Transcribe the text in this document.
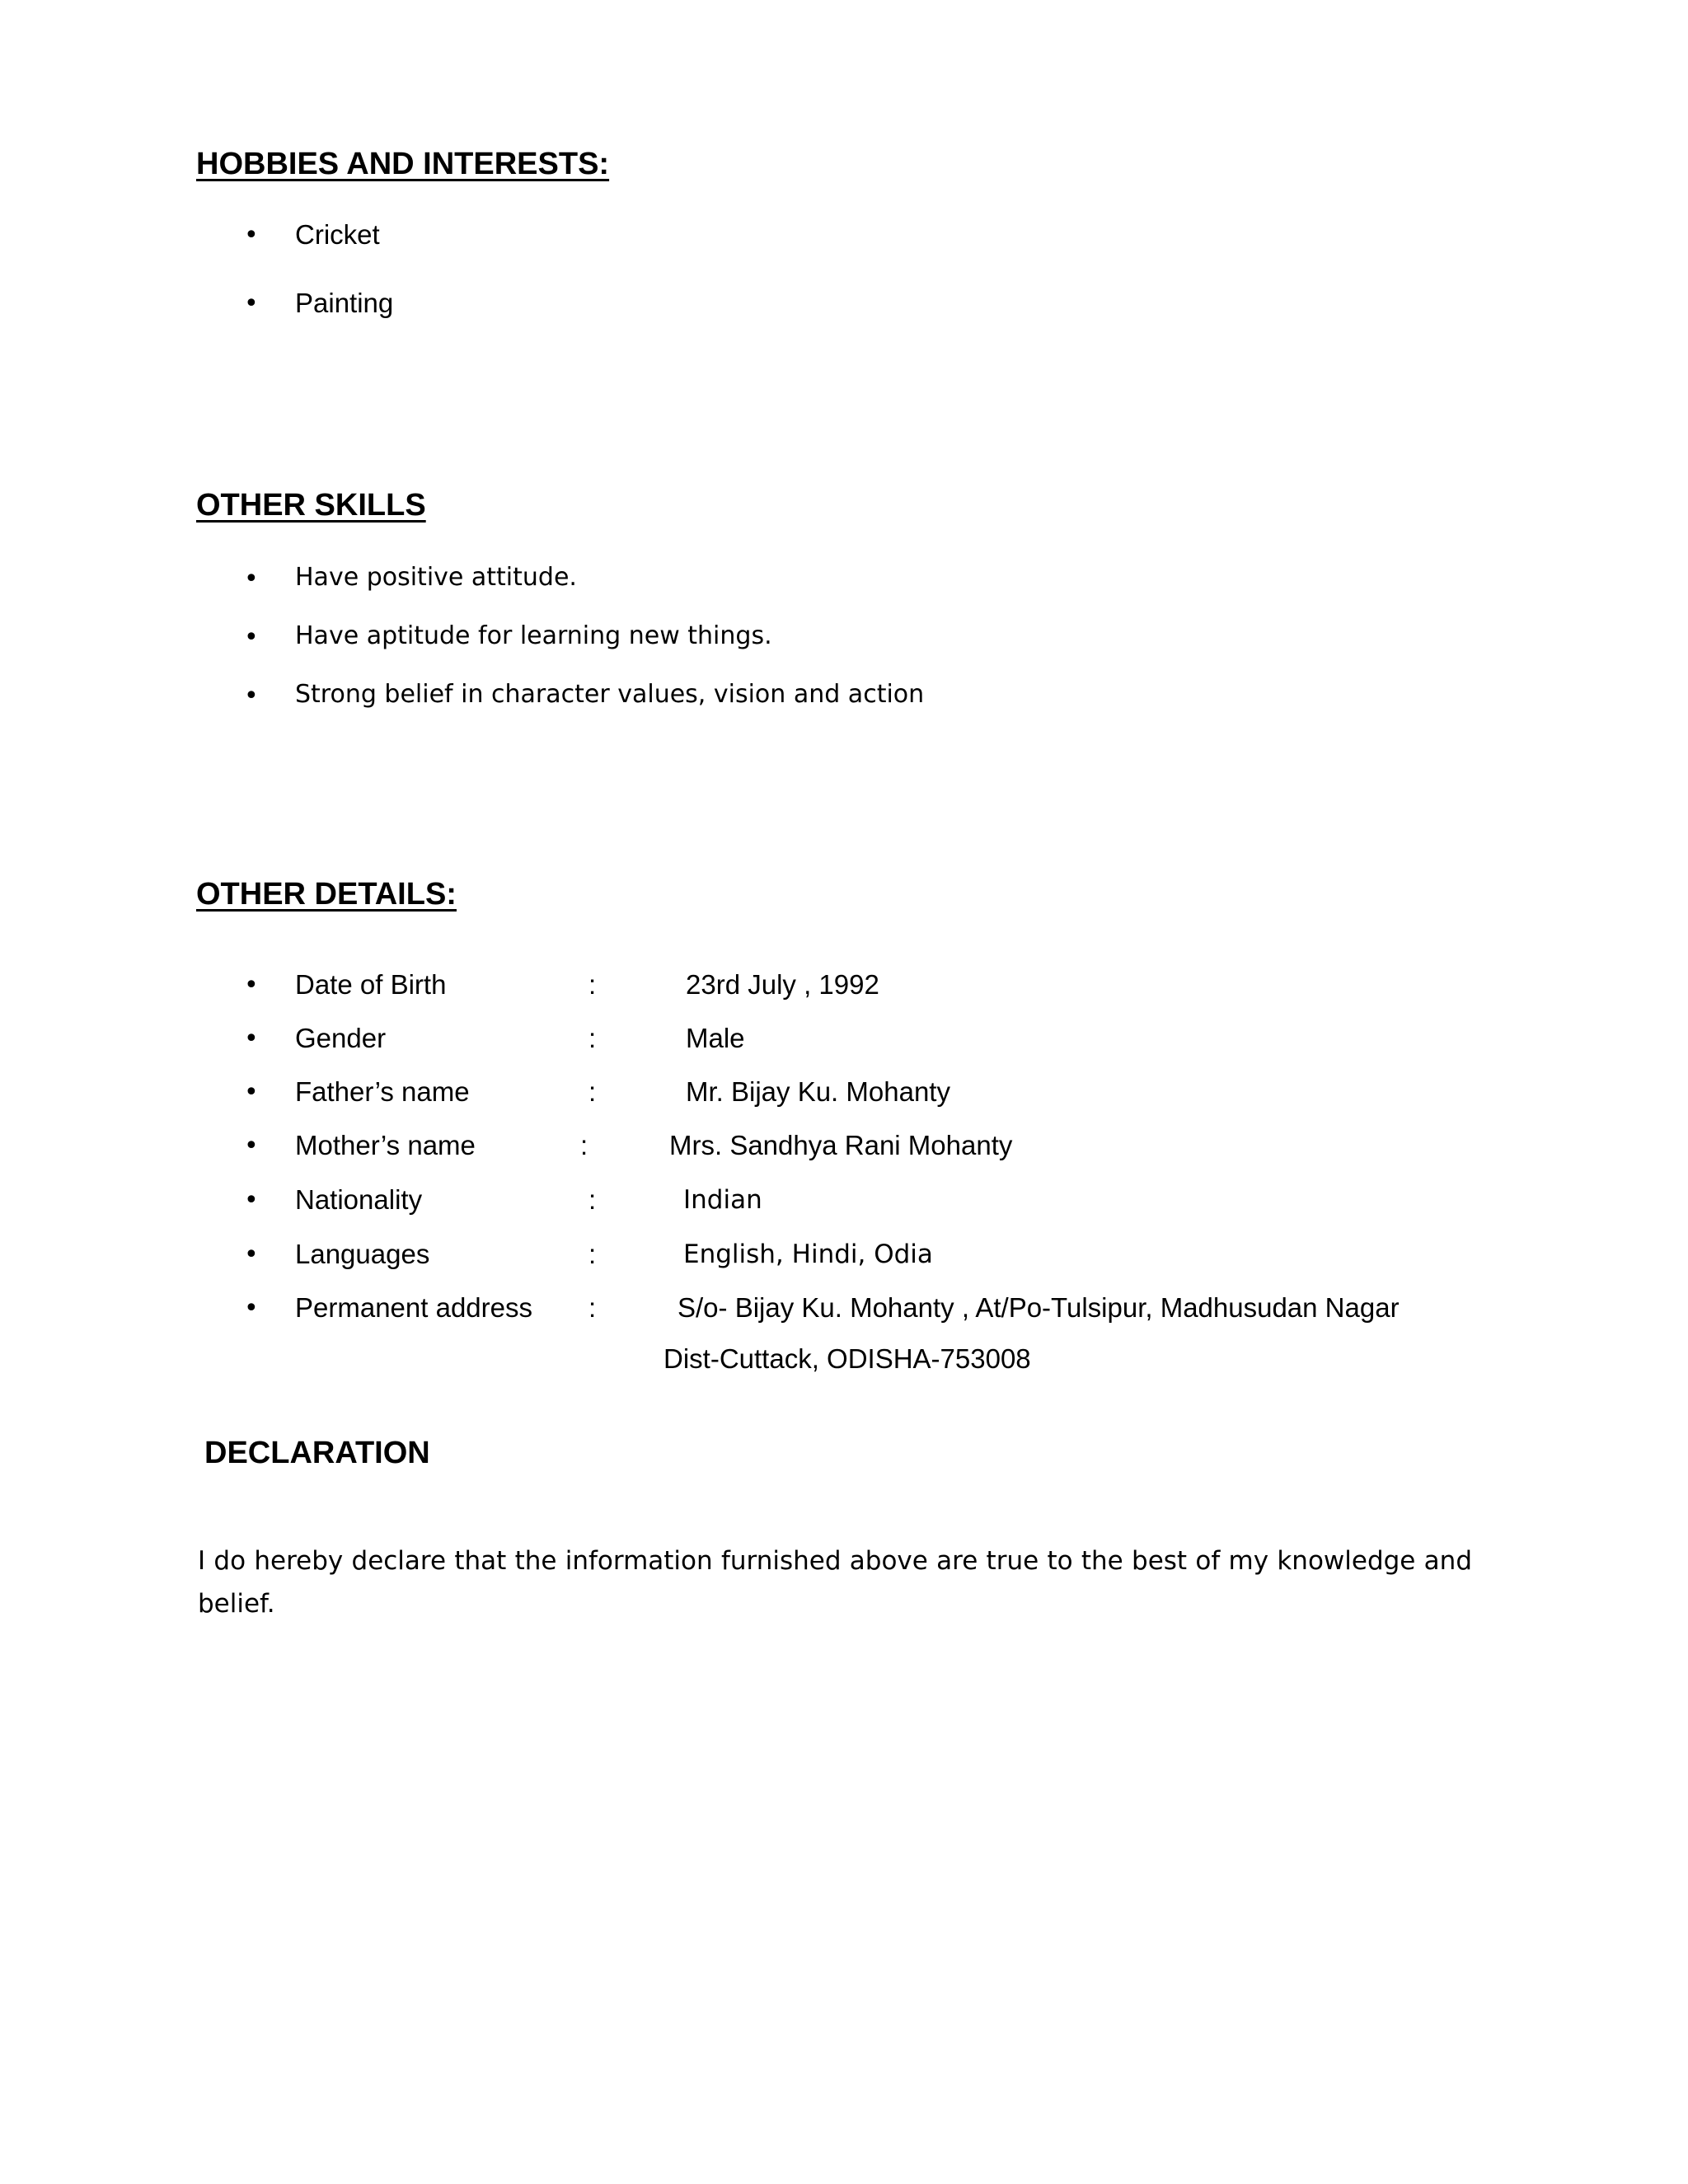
HOBBIES AND INTERESTS:
• Cricket
• Painting
OTHER SKILLS
• Have positive attitude.
• Have aptitude for learning new things.
• Strong belief in character values, vision and action
OTHER DETAILS:
• Date of Birth	:	23rd July , 1992
• Gender	:	Male
• Father’s name	:	Mr. Bijay Ku. Mohanty
• Mother’s name	:	Mrs. Sandhya Rani Mohanty
• Nationality	:	Indian
• Languages	:	English, Hindi, Odia
• Permanent address :	S/o- Bijay Ku. Mohanty , At/Po-Tulsipur, Madhusudan Nagar
Dist-Cuttack, ODISHA-753008
DECLARATION

I do hereby declare that the information furnished above are true to the best of my knowledge and belief.
